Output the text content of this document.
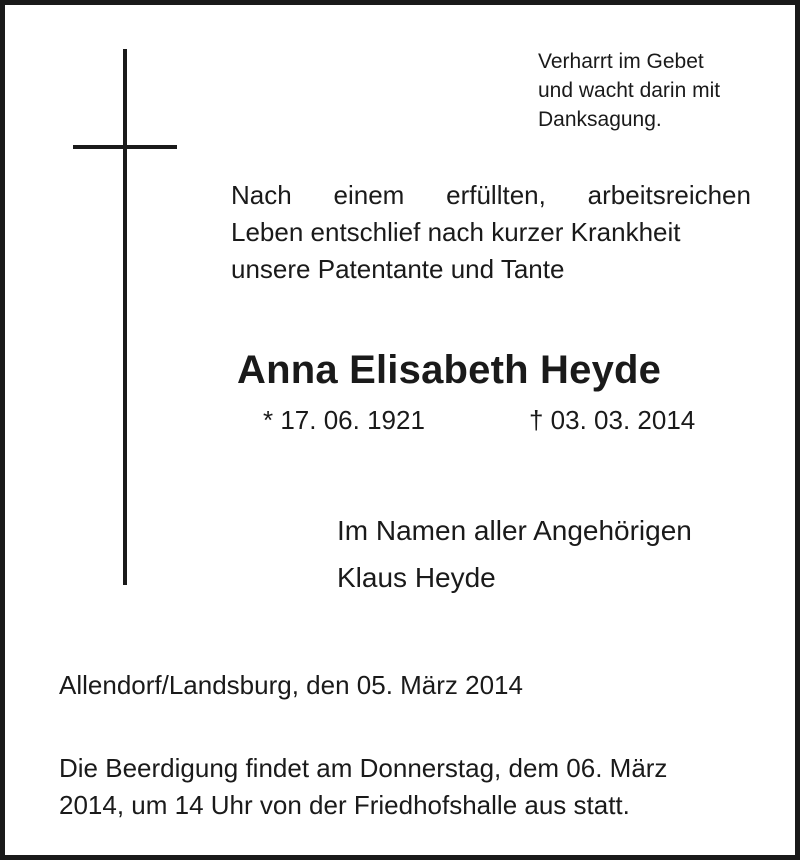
Verharrt im Gebet
und wacht darin mit
Danksagung.
Nach einem erfüllten, arbeitsreichen
Leben entschlief nach kurzer Krankheit
unsere Patentante und Tante
Anna Elisabeth Heyde
* 17. 06. 1921	† 03. 03. 2014
Im Namen aller Angehörigen
Klaus Heyde
Allendorf/Landsburg, den 05. März 2014
Die Beerdigung findet am Donnerstag, dem 06. März
2014, um 14 Uhr von der Friedhofshalle aus statt.
